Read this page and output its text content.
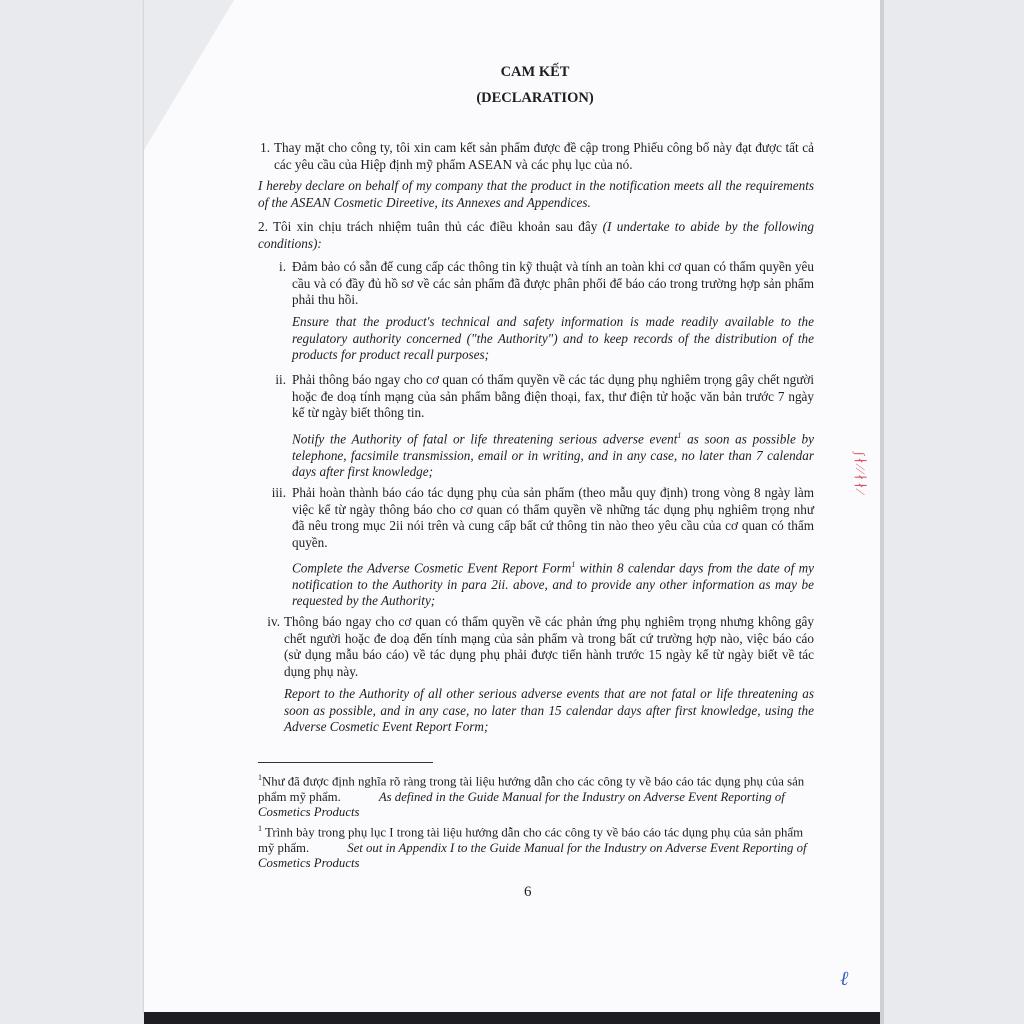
CAM KẾT
(DECLARATION)
1. Thay mặt cho công ty, tôi xin cam kết sản phẩm được đề cập trong Phiếu công bố này đạt được tất cả các yêu cầu của Hiệp định mỹ phẩm ASEAN và các phụ lục của nó.

I hereby declare on behalf of my company that the product in the notification meets all the requirements of the ASEAN Cosmetic Direetive, its Annexes and Appendices.

2. Tôi xin chịu trách nhiệm tuân thủ các điều khoản sau đây (I undertake to abide by the following conditions):

i. Đảm bảo có sẵn để cung cấp các thông tin kỹ thuật và tính an toàn khi cơ quan có thẩm quyền yêu cầu và có đầy đủ hồ sơ về các sản phẩm đã được phân phối để báo cáo trong trường hợp sản phẩm phải thu hồi.

Ensure that the product's technical and safety information is made readily available to the regulatory authority concerned ("the Authority") and to keep records of the distribution of the products for product recall purposes;

ii. Phải thông báo ngay cho cơ quan có thẩm quyền về các tác dụng phụ nghiêm trọng gây chết người hoặc đe doạ tính mạng của sản phẩm bằng điện thoại, fax, thư điện tử hoặc văn bản trước 7 ngày kể từ ngày biết thông tin.

Notify the Authority of fatal or life threatening serious adverse event$^1$ as soon as possible by telephone, facsimile transmission, email or in writing, and in any case, no later than 7 calendar days after first knowledge;

iii. Phải hoàn thành báo cáo tác dụng phụ của sản phẩm (theo mẫu quy định) trong vòng 8 ngày làm việc kể từ ngày thông báo cho cơ quan có thẩm quyền về những tác dụng phụ nghiêm trọng như đã nêu trong mục 2ii nói trên và cung cấp bất cứ thông tin nào theo yêu cầu của cơ quan có thẩm quyền.

Complete the Adverse Cosmetic Event Report Form$^1$ within 8 calendar days from the date of my notification to the Authority in para 2ii. above, and to provide any other information as may be requested by the Authority;

iv. Thông báo ngay cho cơ quan có thẩm quyền về các phản ứng phụ nghiêm trọng nhưng không gây chết người hoặc đe doạ đến tính mạng của sản phẩm và trong bất cứ trường hợp nào, việc báo cáo (sử dụng mẫu báo cáo) về tác dụng phụ phải được tiến hành trước 15 ngày kể từ ngày biết về tác dụng phụ này.

Report to the Authority of all other serious adverse events that are not fatal or life threatening as soon as possible, and in any case, no later than 15 calendar days after first knowledge, using the Adverse Cosmetic Event Report Form;

$^1$Như đã được định nghĩa rõ ràng trong tài liệu hướng dẫn cho các công ty về báo cáo tác dụng phụ của sản phẩm mỹ phẩm.	As defined in the Guide Manual for the Industry on Adverse Event Reporting of Cosmetics Products

$^1$ Trình bày trong phụ lục I trong tài liệu hướng dẫn cho các công ty về báo cáo tác dụng phụ của sản phẩm mỹ phẩm.	Set out in Appendix I to the Guide Manual for the Industry on Adverse Event Reporting of Cosmetics Products

6
∫∤∕∕∤∤∕
ℓ
